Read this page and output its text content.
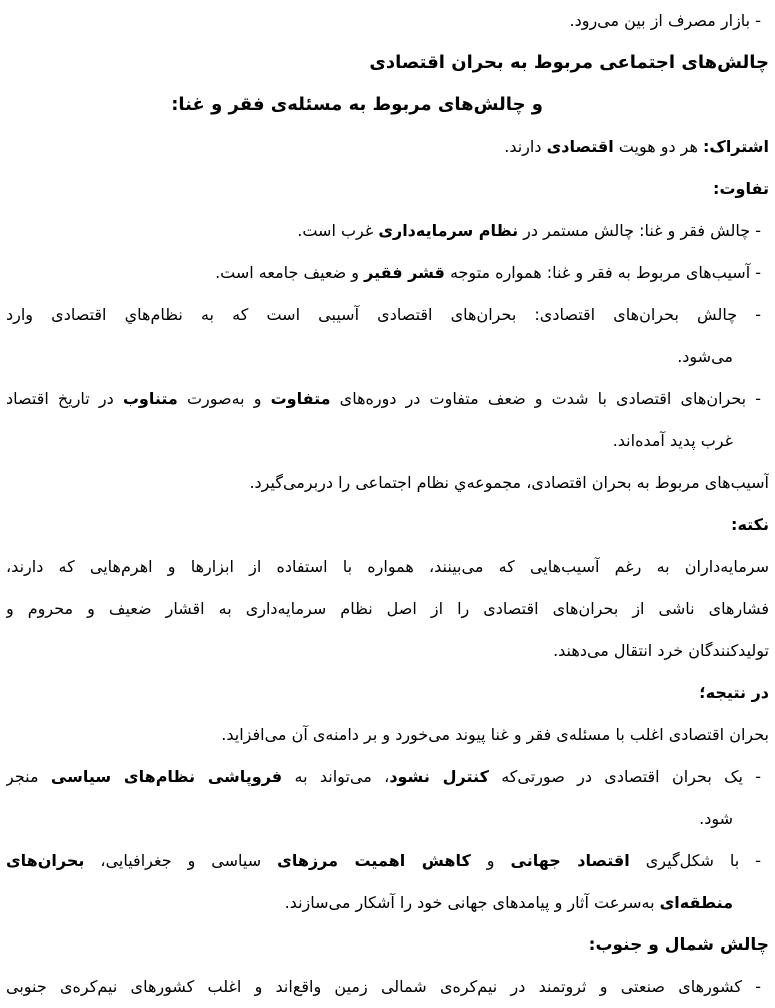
- بازار مصرف از بین می‌رود.
چالش‌های اجتماعی مربوط به بحران اقتصادی
و چالش‌های مربوط به مسئله‌ی فقر و غنا:
اشتراک: هر دو هویت اقتصادی دارند.
تفاوت:
- چالش فقر و غنا: چالش مستمر در نظام سرمایه‌داری غرب است.
- آسیب‌های مربوط به فقر و غنا: همواره متوجه قشر فقیر و ضعیف جامعه است.
- چالش بحران‌های اقتصادی: بحران‌های اقتصادی آسیبی است که به نظام‌هاي اقتصادی وارد
می‌شود.
- بحران‌های اقتصادی با شدت و ضعف متفاوت در دوره‌های متفاوت و به‌صورت متناوب در تاریخ اقتصاد
غرب پدید آمده‌اند.
آسیب‌های مربوط به بحران اقتصادی، مجموعه‌ي نظام اجتماعی را دربرمی‌گیرد.
نکته:
سرمایه‌داران به رغم آسیب‌هایی که می‌بینند، همواره با استفاده از ابزارها و اهرم‌هایی که دارند،
فشارهای ناشی از بحران‌های اقتصادی را از اصل نظام سرمایه‌داری به اقشار ضعیف و محروم و
تولیدکنندگان خرد انتقال می‌دهند.
در نتیجه؛
بحران اقتصادی اغلب با مسئله‌ی فقر و غنا پیوند می‌خورد و بر دامنه‌ی آن می‌افزاید.
- یک بحران اقتصادی در صورتی‌که کنترل نشود، می‌تواند به فروپاشی نظام‌های سیاسی منجر
شود.
- با شکل‌گیری اقتصاد جهانی و کاهش اهمیت مرزهای سیاسی و جغرافیایی، بحران‌های
منطقه‌ای به‌سرعت آثار و پیامدهای جهانی خود را آشکار می‌سازند.
چالش شمال و جنوب:
- کشورهای صنعتی و ثروتمند در نیم‌کره‌ی شمالی زمین واقع‌اند و اغلب کشورهای نیم‌کره‌ی جنوبی
